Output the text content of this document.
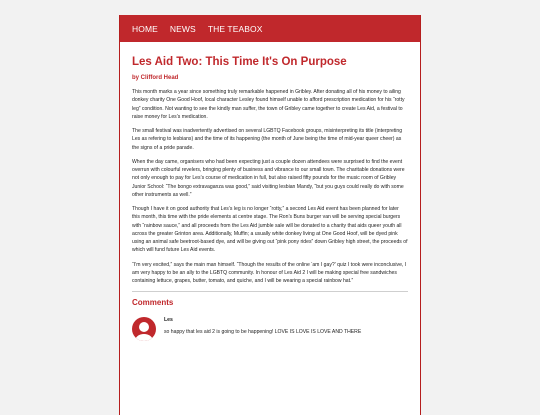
HOME NEWS THE TEABOX
Les Aid Two: This Time It's On Purpose
by Clifford Head

This month marks a year since something truly remarkable happened in Gribley. After donating all of his money to ailing donkey charity One Good Hoof, local character Lesley found himself unable to afford prescription medication for his “rotty leg” condition. Not wanting to see the kindly man suffer, the town of Gribley came together to create Les Aid, a festival to raise money for Les’s medication.

The small festival was inadvertently advertised on several LGBTQ Facebook groups, misinterpreting its title (interpreting Les as refering to lesbians) and the time of its happening (the month of June being the time of mid-year queer cheer) as the signs of a pride parade.

When the day came, organisers who had been expecting just a couple dozen attendees were surprised to find the event overrun with colourful revelers, bringing plenty of business and vibrance to our small town. The charitable donations were not only enough to pay for Les’s course of medication in full, but also raised fifty pounds for the music room of Gribley Junior School: “The bongo extravaganza was good,” said visiting lesbian Mandy, “but you guys could really do with some other instruments as well.”

Though I have it on good authority that Les’s leg is no longer “rotty,” a second Les Aid event has been planned for later this month, this time with the pride elements at centre stage. The Ron’s Buns burger van will be serving special burgers with “rainbow sauce,” and all proceeds from the Les Aid jumble sale will be donated to a charity that aids queer youth all across the greater Grinton area. Additionally, Muffin; a usually white donkey living at One Good Hoof, will be dyed pink using an animal safe beetroot-based dye, and will be giving out “pink pony rides” down Gribley high street, the proceeds of which will fund future Les Aid events.

“I’m very excited,” says the main man himself. “Though the results of the online ‘am I gay?’ quiz I took were inconclusive, I am very happy to be an ally to the LGBTQ community. In honour of Les Aid 2 I will be making special free sandwiches containing lettuce, grapes, butter, tomato, and quiche, and I will be wearing a special rainbow hat.”

Comments
Les
so happy that les aid 2 is going to be happening! LOVE IS LOVE IS LOVE AND THERE
